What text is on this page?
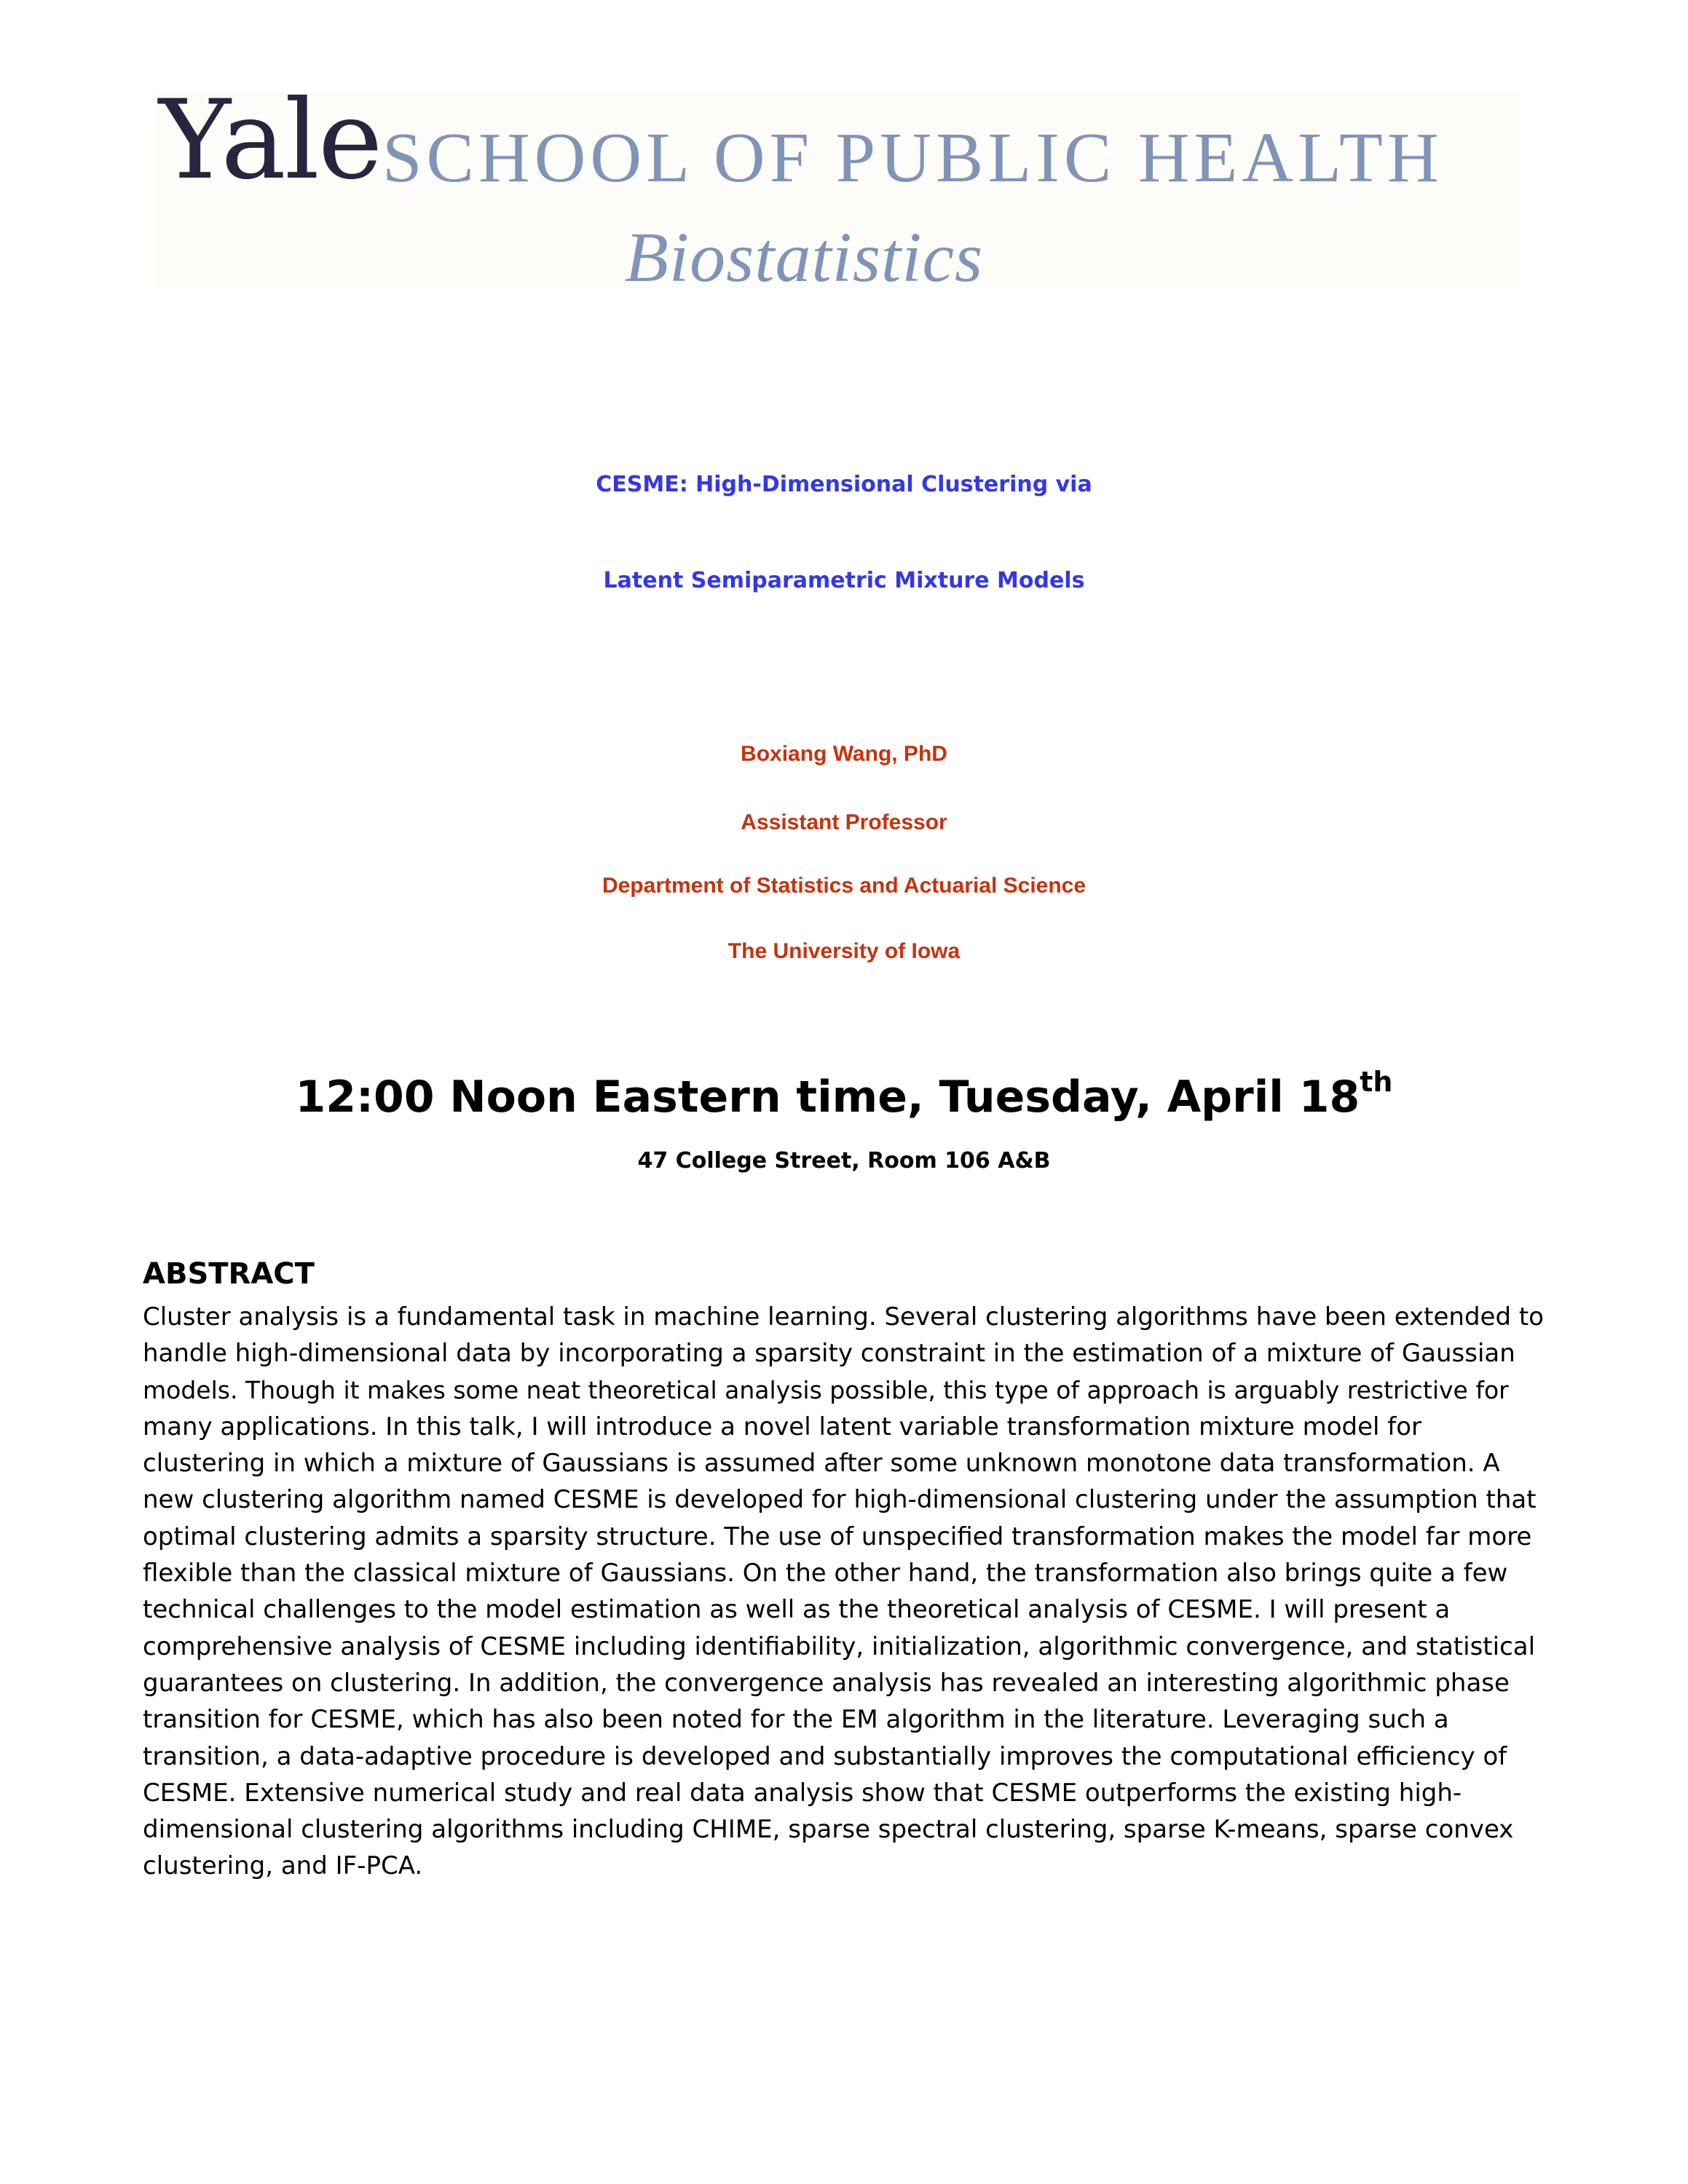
Yale SCHOOL OF PUBLIC HEALTH
Biostatistics
CESME: High-Dimensional Clustering via
Latent Semiparametric Mixture Models
Boxiang Wang, PhD
Assistant Professor
Department of Statistics and Actuarial Science
The University of Iowa
12:00 Noon Eastern time, Tuesday, April 18th
47 College Street, Room 106 A&B
ABSTRACT
Cluster analysis is a fundamental task in machine learning. Several clustering algorithms have been extended to
handle high-dimensional data by incorporating a sparsity constraint in the estimation of a mixture of Gaussian
models. Though it makes some neat theoretical analysis possible, this type of approach is arguably restrictive for
many applications. In this talk, I will introduce a novel latent variable transformation mixture model for
clustering in which a mixture of Gaussians is assumed after some unknown monotone data transformation. A
new clustering algorithm named CESME is developed for high-dimensional clustering under the assumption that
optimal clustering admits a sparsity structure. The use of unspecified transformation makes the model far more
flexible than the classical mixture of Gaussians. On the other hand, the transformation also brings quite a few
technical challenges to the model estimation as well as the theoretical analysis of CESME. I will present a
comprehensive analysis of CESME including identifiability, initialization, algorithmic convergence, and statistical
guarantees on clustering. In addition, the convergence analysis has revealed an interesting algorithmic phase
transition for CESME, which has also been noted for the EM algorithm in the literature. Leveraging such a
transition, a data-adaptive procedure is developed and substantially improves the computational efficiency of
CESME. Extensive numerical study and real data analysis show that CESME outperforms the existing high-
dimensional clustering algorithms including CHIME, sparse spectral clustering, sparse K-means, sparse convex
clustering, and IF-PCA.
